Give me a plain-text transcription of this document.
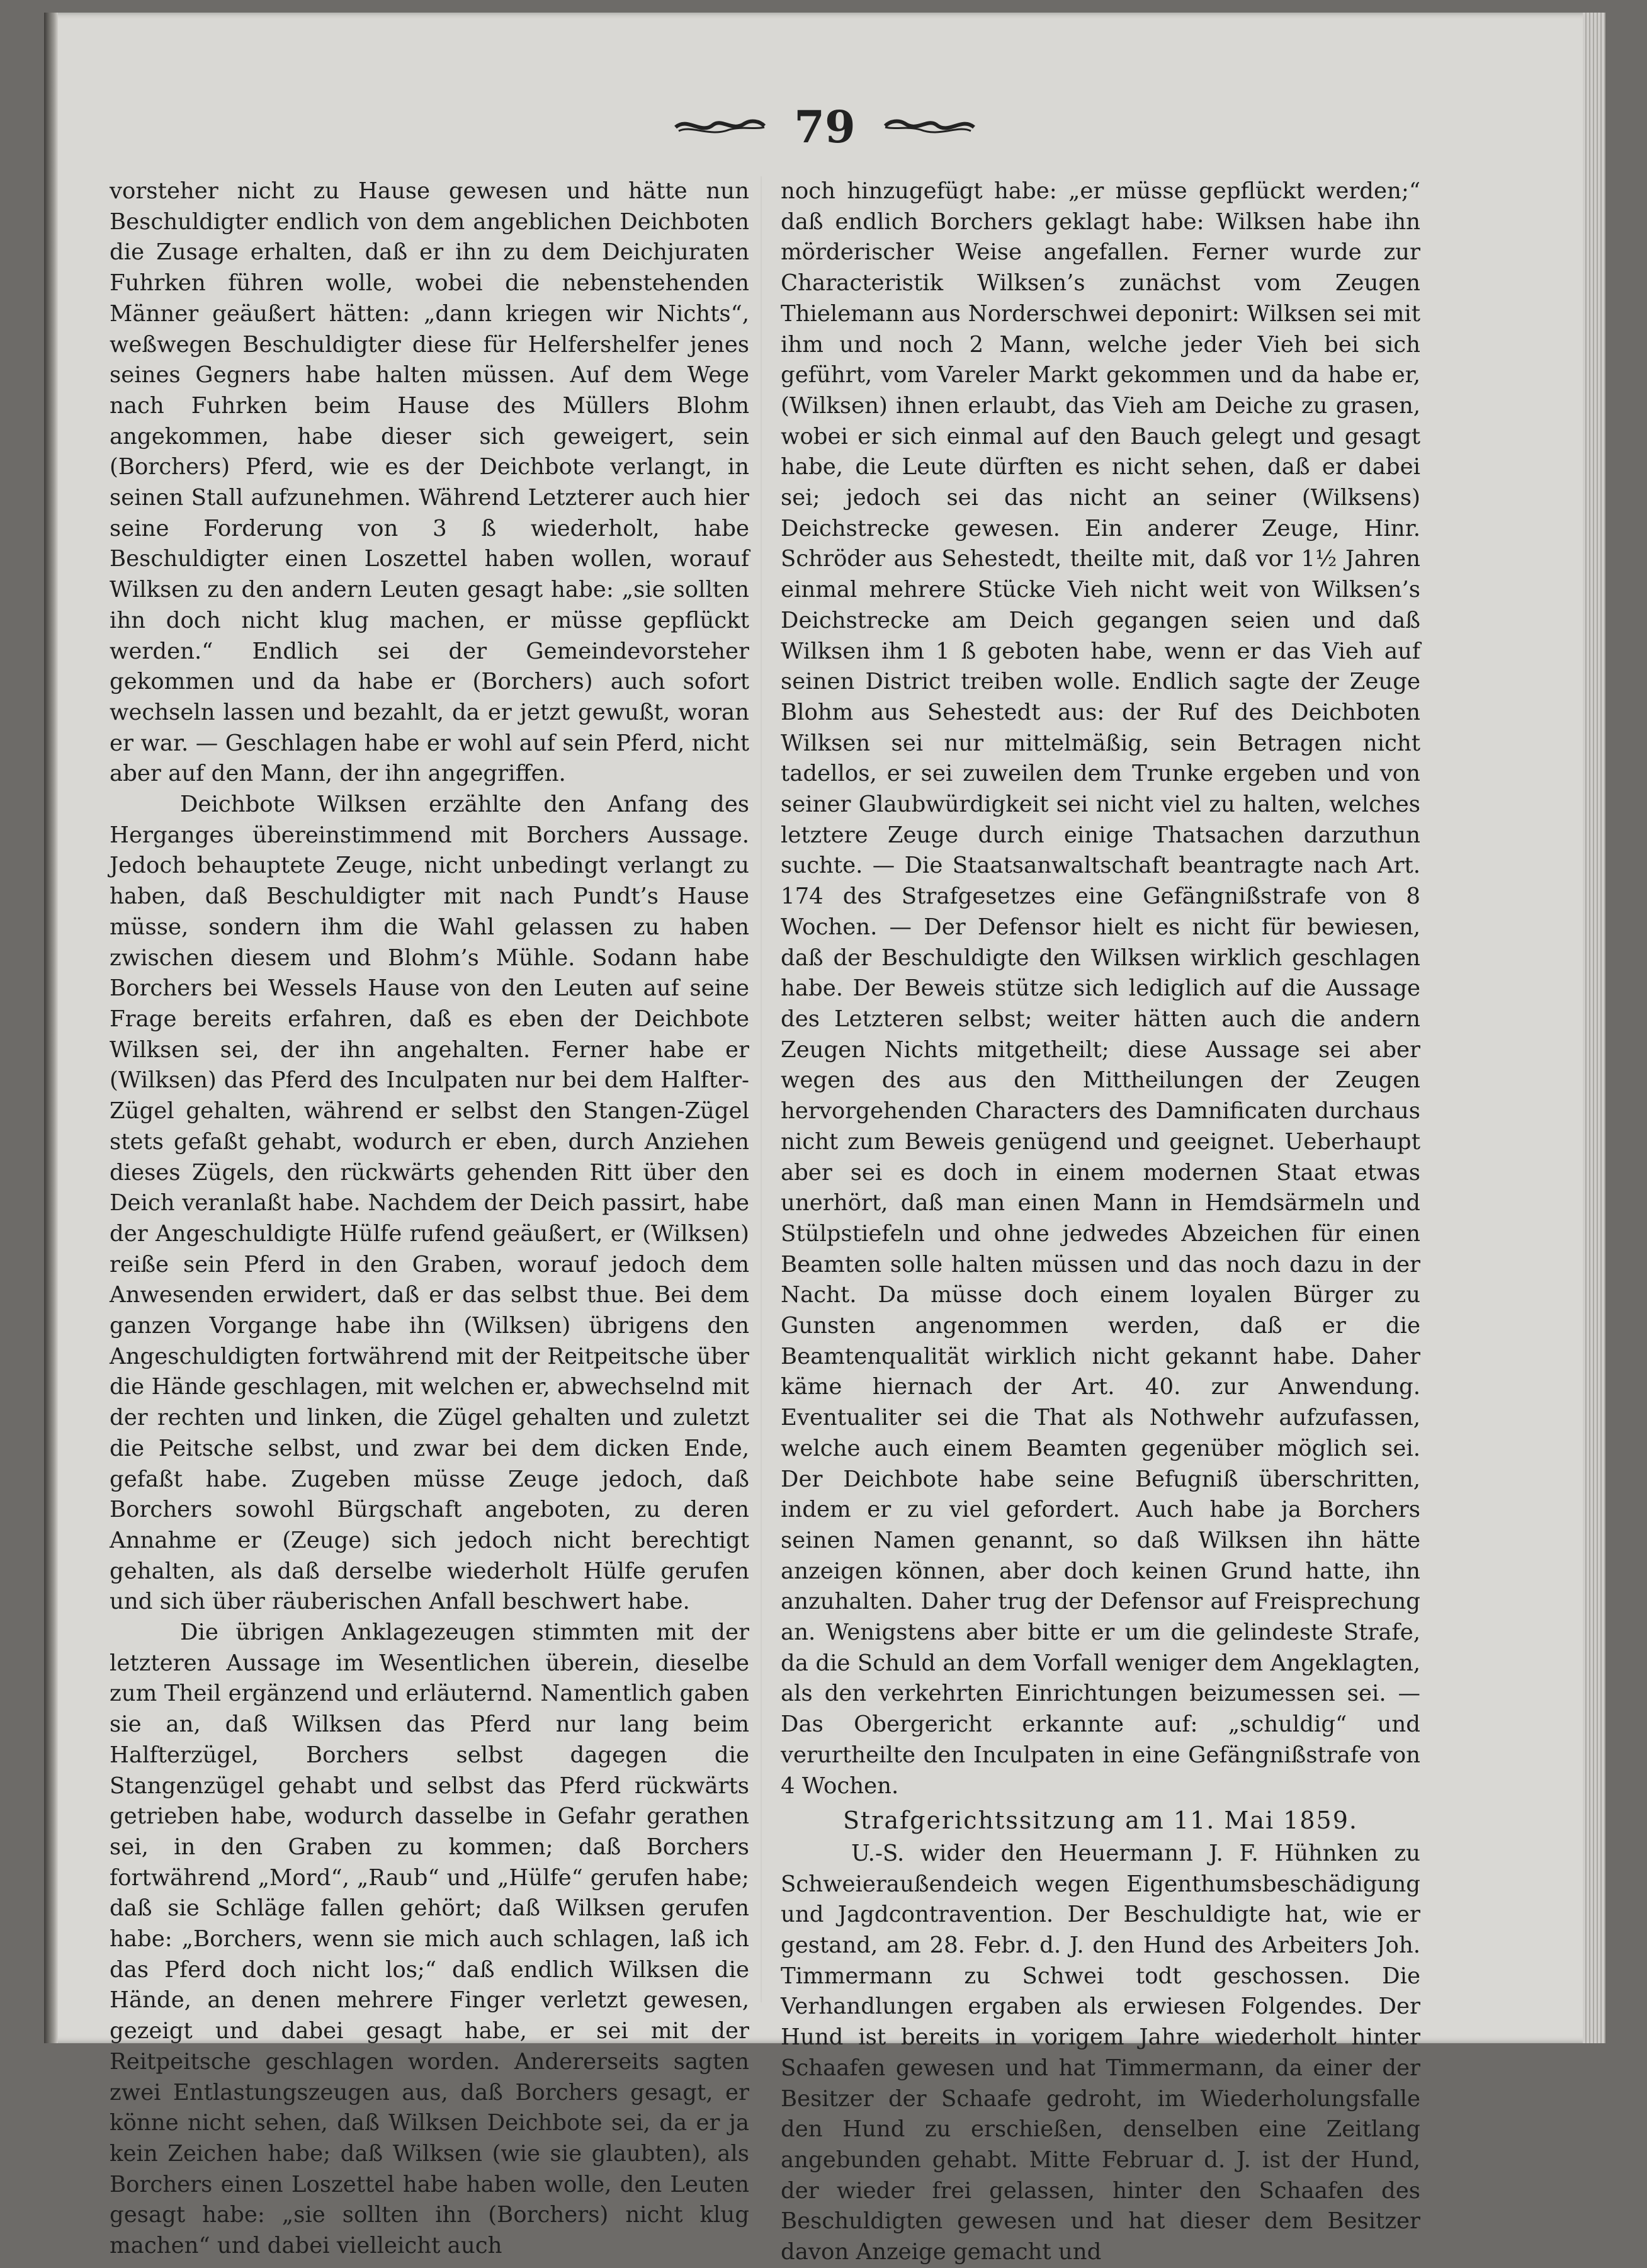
79

vorsteher nicht zu Hause gewesen und hätte nun Beschuldigter endlich von dem angeblichen Deichboten die Zusage erhalten, daß er ihn zu dem Deichjuraten Fuhrken führen wolle, wobei die nebenstehenden Männer geäußert hätten: „dann kriegen wir Nichts“, weßwegen Beschuldigter diese für Helfershelfer jenes seines Gegners habe halten müssen. Auf dem Wege nach Fuhrken beim Hause des Müllers Blohm angekommen, habe dieser sich geweigert, sein (Borchers) Pferd, wie es der Deichbote verlangt, in seinen Stall aufzunehmen. Während Letzterer auch hier seine Forderung von 3 ß wiederholt, habe Beschuldigter einen Loszettel haben wollen, worauf Wilksen zu den andern Leuten gesagt habe: „sie sollten ihn doch nicht klug machen, er müsse gepflückt werden.“ Endlich sei der Gemeindevorsteher gekommen und da habe er (Borchers) auch sofort wechseln lassen und bezahlt, da er jetzt gewußt, woran er war. — Geschlagen habe er wohl auf sein Pferd, nicht aber auf den Mann, der ihn angegriffen.

Deichbote Wilksen erzählte den Anfang des Herganges übereinstimmend mit Borchers Aussage. Jedoch behauptete Zeuge, nicht unbedingt verlangt zu haben, daß Beschuldigter mit nach Pundt’s Hause müsse, sondern ihm die Wahl gelassen zu haben zwischen diesem und Blohm’s Mühle. Sodann habe Borchers bei Wessels Hause von den Leuten auf seine Frage bereits erfahren, daß es eben der Deichbote Wilksen sei, der ihn angehalten. Ferner habe er (Wilksen) das Pferd des Inculpaten nur bei dem Halfter-Zügel gehalten, während er selbst den Stangen-Zügel stets gefaßt gehabt, wodurch er eben, durch Anziehen dieses Zügels, den rückwärts gehenden Ritt über den Deich veranlaßt habe. Nachdem der Deich passirt, habe der Angeschuldigte Hülfe rufend geäußert, er (Wilksen) reiße sein Pferd in den Graben, worauf jedoch dem Anwesenden erwidert, daß er das selbst thue. Bei dem ganzen Vorgange habe ihn (Wilksen) übrigens den Angeschuldigten fortwährend mit der Reitpeitsche über die Hände geschlagen, mit welchen er, abwechselnd mit der rechten und linken, die Zügel gehalten und zuletzt die Peitsche selbst, und zwar bei dem dicken Ende, gefaßt habe. Zugeben müsse Zeuge jedoch, daß Borchers sowohl Bürgschaft angeboten, zu deren Annahme er (Zeuge) sich jedoch nicht berechtigt gehalten, als daß derselbe wiederholt Hülfe gerufen und sich über räuberischen Anfall beschwert habe.

Die übrigen Anklagezeugen stimmten mit der letzteren Aussage im Wesentlichen überein, dieselbe zum Theil ergänzend und erläuternd. Namentlich gaben sie an, daß Wilksen das Pferd nur lang beim Halfterzügel, Borchers selbst dagegen die Stangenzügel gehabt und selbst das Pferd rückwärts getrieben habe, wodurch dasselbe in Gefahr gerathen sei, in den Graben zu kommen; daß Borchers fortwährend „Mord“, „Raub“ und „Hülfe“ gerufen habe; daß sie Schläge fallen gehört; daß Wilksen gerufen habe: „Borchers, wenn sie mich auch schlagen, laß ich das Pferd doch nicht los;“ daß endlich Wilksen die Hände, an denen mehrere Finger verletzt gewesen, gezeigt und dabei gesagt habe, er sei mit der Reitpeitsche geschlagen worden. Andererseits sagten zwei Entlastungszeugen aus, daß Borchers gesagt, er könne nicht sehen, daß Wilksen Deichbote sei, da er ja kein Zeichen habe; daß Wilksen (wie sie glaubten), als Borchers einen Loszettel habe haben wolle, den Leuten gesagt habe: „sie sollten ihn (Borchers) nicht klug machen“ und dabei vielleicht auch

noch hinzugefügt habe: „er müsse gepflückt werden;“ daß endlich Borchers geklagt habe: Wilksen habe ihn mörderischer Weise angefallen. Ferner wurde zur Characteristik Wilksen’s zunächst vom Zeugen Thielemann aus Norderschwei deponirt: Wilksen sei mit ihm und noch 2 Mann, welche jeder Vieh bei sich geführt, vom Vareler Markt gekommen und da habe er, (Wilksen) ihnen erlaubt, das Vieh am Deiche zu grasen, wobei er sich einmal auf den Bauch gelegt und gesagt habe, die Leute dürften es nicht sehen, daß er dabei sei; jedoch sei das nicht an seiner (Wilksens) Deichstrecke gewesen. Ein anderer Zeuge, Hinr. Schröder aus Sehestedt, theilte mit, daß vor 1½ Jahren einmal mehrere Stücke Vieh nicht weit von Wilksen’s Deichstrecke am Deich gegangen seien und daß Wilksen ihm 1 ß geboten habe, wenn er das Vieh auf seinen District treiben wolle. Endlich sagte der Zeuge Blohm aus Sehestedt aus: der Ruf des Deichboten Wilksen sei nur mittelmäßig, sein Betragen nicht tadellos, er sei zuweilen dem Trunke ergeben und von seiner Glaubwürdigkeit sei nicht viel zu halten, welches letztere Zeuge durch einige Thatsachen darzuthun suchte. — Die Staatsanwaltschaft beantragte nach Art. 174 des Strafgesetzes eine Gefängnißstrafe von 8 Wochen. — Der Defensor hielt es nicht für bewiesen, daß der Beschuldigte den Wilksen wirklich geschlagen habe. Der Beweis stütze sich lediglich auf die Aussage des Letzteren selbst; weiter hätten auch die andern Zeugen Nichts mitgetheilt; diese Aussage sei aber wegen des aus den Mittheilungen der Zeugen hervorgehenden Characters des Damnificaten durchaus nicht zum Beweis genügend und geeignet. Ueberhaupt aber sei es doch in einem modernen Staat etwas unerhört, daß man einen Mann in Hemdsärmeln und Stülpstiefeln und ohne jedwedes Abzeichen für einen Beamten solle halten müssen und das noch dazu in der Nacht. Da müsse doch einem loyalen Bürger zu Gunsten angenommen werden, daß er die Beamtenqualität wirklich nicht gekannt habe. Daher käme hiernach der Art. 40. zur Anwendung. Eventualiter sei die That als Nothwehr aufzufassen, welche auch einem Beamten gegenüber möglich sei. Der Deichbote habe seine Befugniß überschritten, indem er zu viel gefordert. Auch habe ja Borchers seinen Namen genannt, so daß Wilksen ihn hätte anzeigen können, aber doch keinen Grund hatte, ihn anzuhalten. Daher trug der Defensor auf Freisprechung an. Wenigstens aber bitte er um die gelindeste Strafe, da die Schuld an dem Vorfall weniger dem Angeklagten, als den verkehrten Einrichtungen beizumessen sei. — Das Obergericht erkannte auf: „schuldig“ und verurtheilte den Inculpaten in eine Gefängnißstrafe von 4 Wochen.

Strafgerichtssitzung am 11. Mai 1859.

U.-S. wider den Heuermann J. F. Hühnken zu Schweieraußendeich wegen Eigenthumsbeschädigung und Jagdcontravention. Der Beschuldigte hat, wie er gestand, am 28. Febr. d. J. den Hund des Arbeiters Joh. Timmermann zu Schwei todt geschossen. Die Verhandlungen ergaben als erwiesen Folgendes. Der Hund ist bereits in vorigem Jahre wiederholt hinter Schaafen gewesen und hat Timmermann, da einer der Besitzer der Schaafe gedroht, im Wiederholungsfalle den Hund zu erschießen, denselben eine Zeitlang angebunden gehabt. Mitte Februar d. J. ist der Hund, der wieder frei gelassen, hinter den Schaafen des Beschuldigten gewesen und hat dieser dem Besitzer davon Anzeige gemacht und
